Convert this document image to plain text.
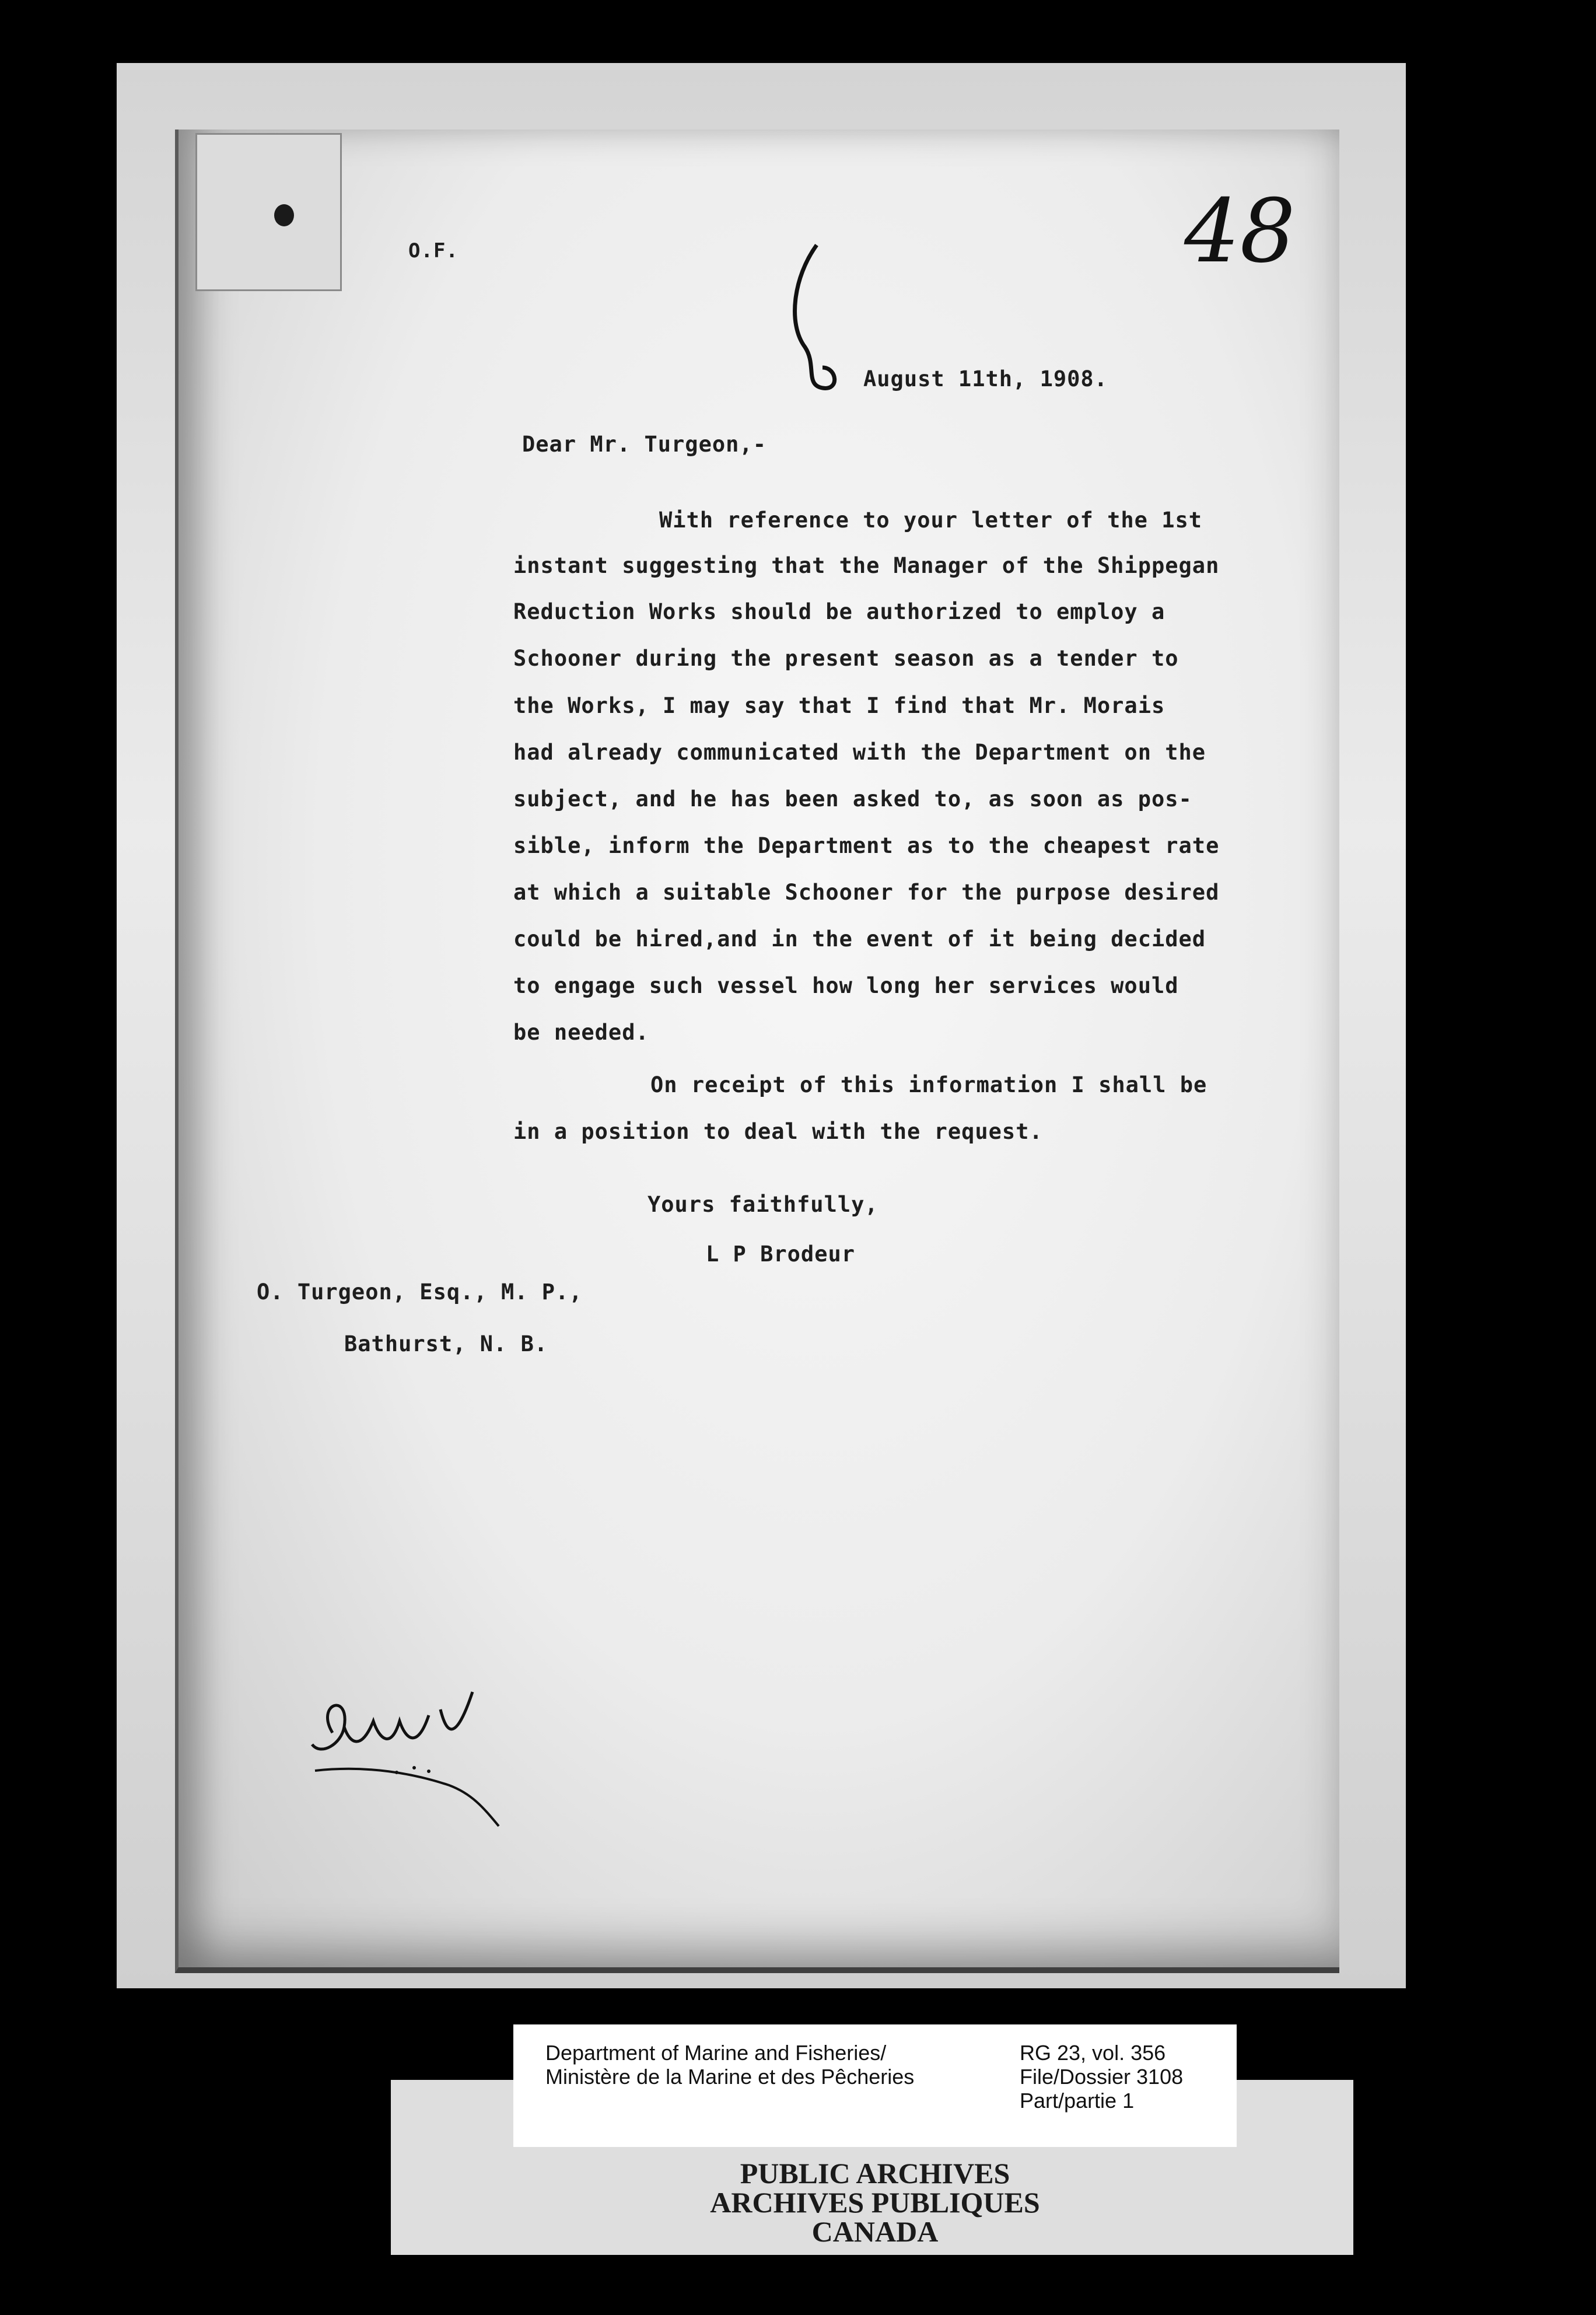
O.F.	48
August 11th, 1908.
Dear Mr. Turgeon,-
With reference to your letter of the 1st
instant suggesting that the Manager of the Shippegan
Reduction Works should be authorized to employ a
Schooner during the present season as a tender to
the Works, I may say that I find that Mr. Morais
had already communicated with the Department on the
subject, and he has been asked to, as soon as pos-
sible, inform the Department as to the cheapest rate
at which a suitable Schooner for the purpose desired
could be hired,and in the event of it being decided
to engage such vessel how long her services would
be needed.
On receipt of this information I shall be
in a position to deal with the request.
Yours faithfully,
L P Brodeur
O. Turgeon, Esq., M. P.,
Bathurst, N. B.
Department of Marine and Fisheries/
Ministère de la Marine et des Pêcheries
RG 23, vol. 356
File/Dossier 3108
Part/partie 1
PUBLIC ARCHIVES
ARCHIVES PUBLIQUES
CANADA
